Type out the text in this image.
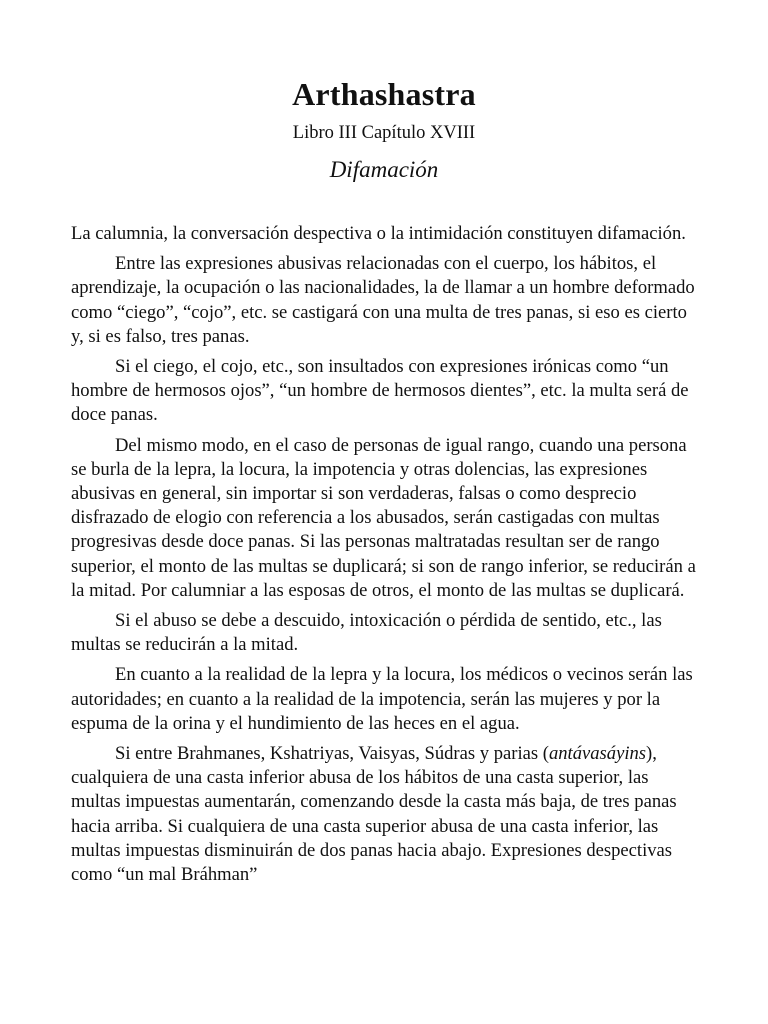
Arthashastra
Libro III Capítulo XVIII
Difamación

La calumnia, la conversación despectiva o la intimidación constituyen difamación.

Entre las expresiones abusivas relacionadas con el cuerpo, los hábitos, el aprendizaje, la ocupación o las nacionalidades, la de llamar a un hombre deformado como “ciego”, “cojo”, etc. se castigará con una multa de tres panas, si eso es cierto y, si es falso, tres panas.

Si el ciego, el cojo, etc., son insultados con expresiones irónicas como “un hombre de hermosos ojos”, “un hombre de hermosos dientes”, etc. la multa será de doce panas.

Del mismo modo, en el caso de personas de igual rango, cuando una persona se burla de la lepra, la locura, la impotencia y otras dolencias, las expresiones abusivas en general, sin importar si son verdaderas, falsas o como desprecio disfrazado de elogio con referencia a los abusados, serán castigadas con multas progresivas desde doce panas. Si las personas maltratadas resultan ser de rango superior, el monto de las multas se duplicará; si son de rango inferior, se reducirán a la mitad. Por calumniar a las esposas de otros, el monto de las multas se duplicará.

Si el abuso se debe a descuido, intoxicación o pérdida de sentido, etc., las multas se reducirán a la mitad.

En cuanto a la realidad de la lepra y la locura, los médicos o vecinos serán las autoridades; en cuanto a la realidad de la impotencia, serán las mujeres y por la espuma de la orina y el hundimiento de las heces en el agua.

Si entre Brahmanes, Kshatriyas, Vaisyas, Súdras y parias (antávasáyins), cualquiera de una casta inferior abusa de los hábitos de una casta superior, las multas impuestas aumentarán, comenzando desde la casta más baja, de tres panas hacia arriba. Si cualquiera de una casta superior abusa de una casta inferior, las multas impuestas disminuirán de dos panas hacia abajo. Expresiones despectivas como “un mal Bráhman”
